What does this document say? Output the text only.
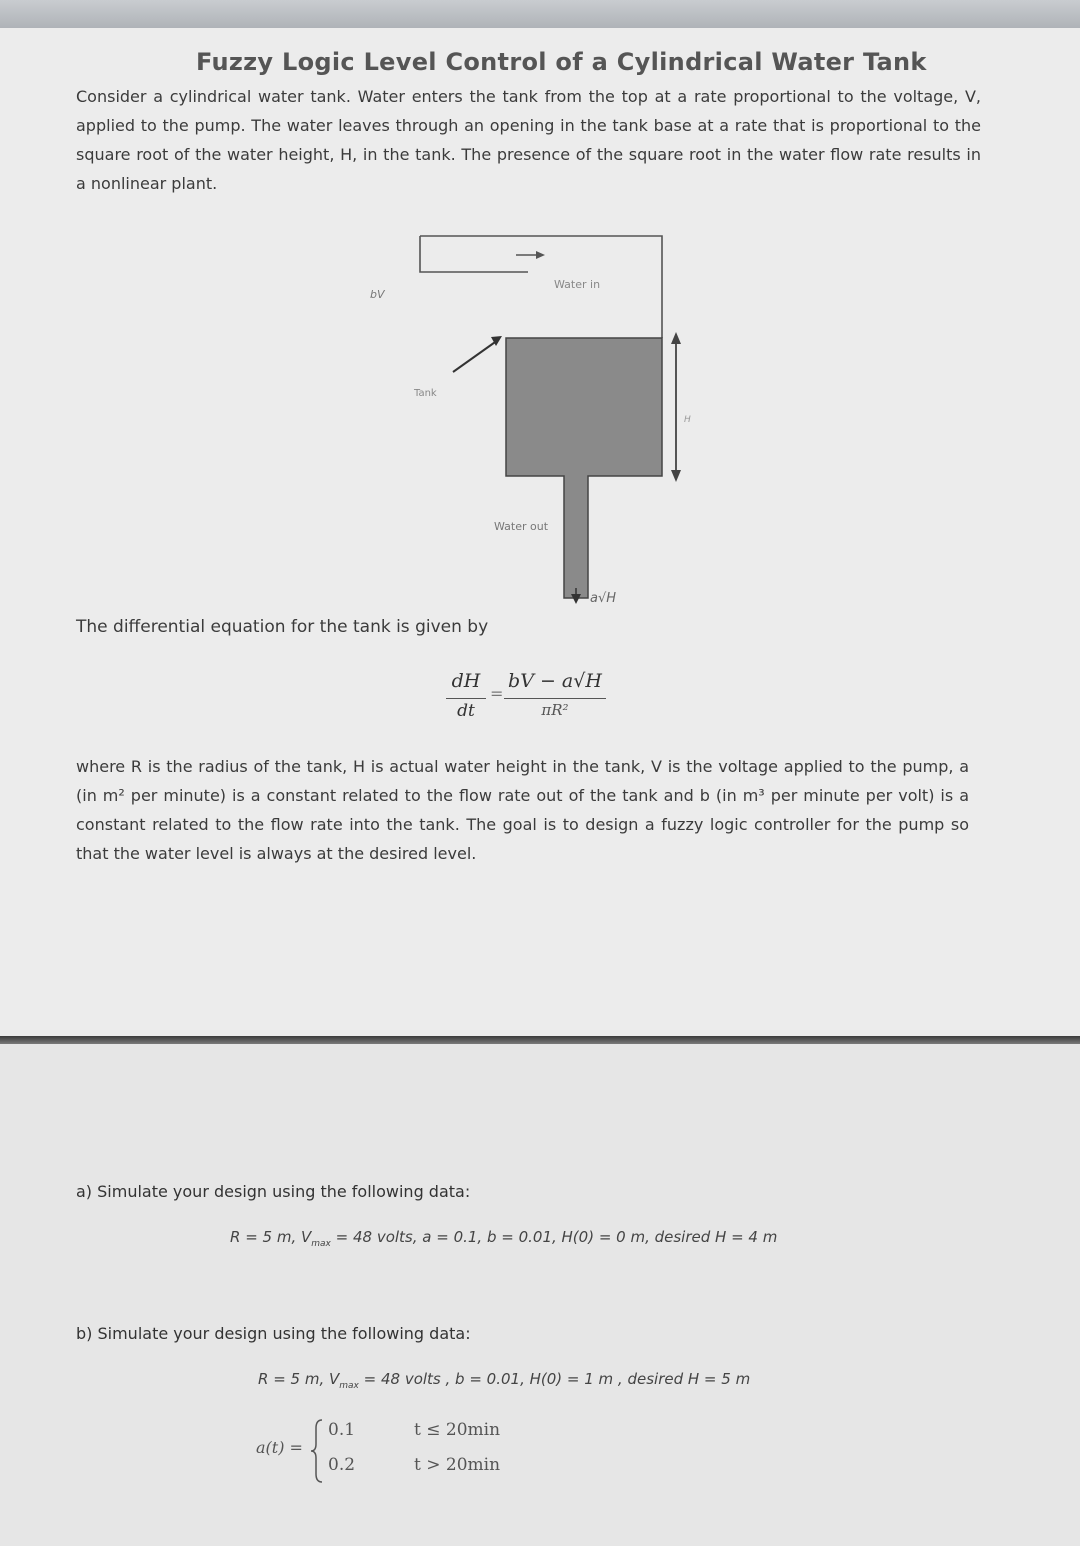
Fuzzy Logic Level Control of a Cylindrical Water Tank
Consider a cylindrical water tank. Water enters the tank from the top at a rate proportional to the voltage, V, applied to the pump. The water leaves through an opening in the tank base at a rate that is proportional to the square root of the water height, H, in the tank. The presence of the square root in the water flow rate results in a nonlinear plant.
bV
Water in
Tank
H
Water out
a√H
The differential equation for the tank is given by
dH
dt
=
bV − a√H
πR²
where R is the radius of the tank, H is actual water height in the tank, V is the voltage applied to the pump, a (in m² per minute) is a constant related to the flow rate out of the tank and b (in m³ per minute per volt) is a constant related to the flow rate into the tank. The goal is to design a fuzzy logic controller for the pump so that the water level is always at the desired level.
a) Simulate your design using the following data:
R = 5 m, $V_{max} = 48$ volts, a = 0.1, b = 0.01, H(0) = 0 m, desired H = 4 m
b) Simulate your design using the following data:
R = 5 m, $V_{max} = 48$ volts , b = 0.01, H(0) = 1 m , desired H = 5 m
a(t) =
0.1
0.2
t ≤ 20min
t > 20min
